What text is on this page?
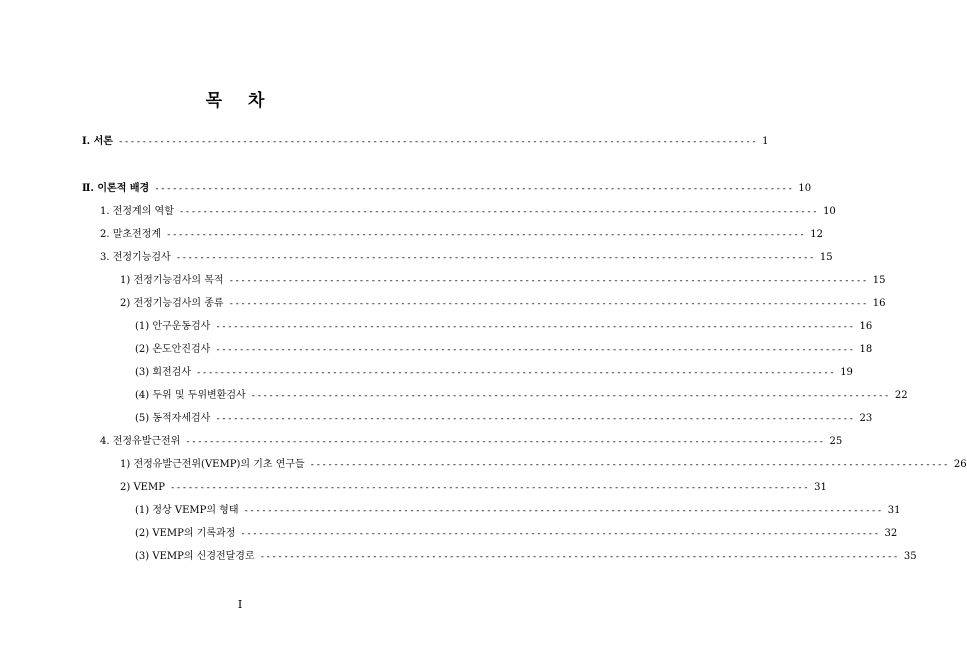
목 차
Ⅰ. 서론 ------------------------------------------------------------------------------------------------------------ 1
Ⅱ. 이론적 배경 ------------------------------------------------------------------------------------------------------------ 10
1. 전정계의 역할 ------------------------------------------------------------------------------------------------------------ 10
2. 말초전정계 ------------------------------------------------------------------------------------------------------------ 12
3. 전정기능검사 ------------------------------------------------------------------------------------------------------------ 15
1) 전정기능검사의 목적 ------------------------------------------------------------------------------------------------------------ 15
2) 전정기능검사의 종류 ------------------------------------------------------------------------------------------------------------ 16
(1) 안구운동검사 ------------------------------------------------------------------------------------------------------------ 16
(2) 온도안진검사 ------------------------------------------------------------------------------------------------------------ 18
(3) 회전검사 ------------------------------------------------------------------------------------------------------------ 19
(4) 두위 및 두위변환검사 ------------------------------------------------------------------------------------------------------------ 22
(5) 동적자세검사 ------------------------------------------------------------------------------------------------------------ 23
4. 전정유발근전위 ------------------------------------------------------------------------------------------------------------ 25
1) 전정유발근전위(VEMP)의 기초 연구들 ------------------------------------------------------------------------------------------------------------ 26
2) VEMP ------------------------------------------------------------------------------------------------------------ 31
(1) 정상 VEMP의 형태 ------------------------------------------------------------------------------------------------------------ 31
(2) VEMP의 기록과정 ------------------------------------------------------------------------------------------------------------ 32
(3) VEMP의 신경전달경로 ------------------------------------------------------------------------------------------------------------ 35
Ⅰ
